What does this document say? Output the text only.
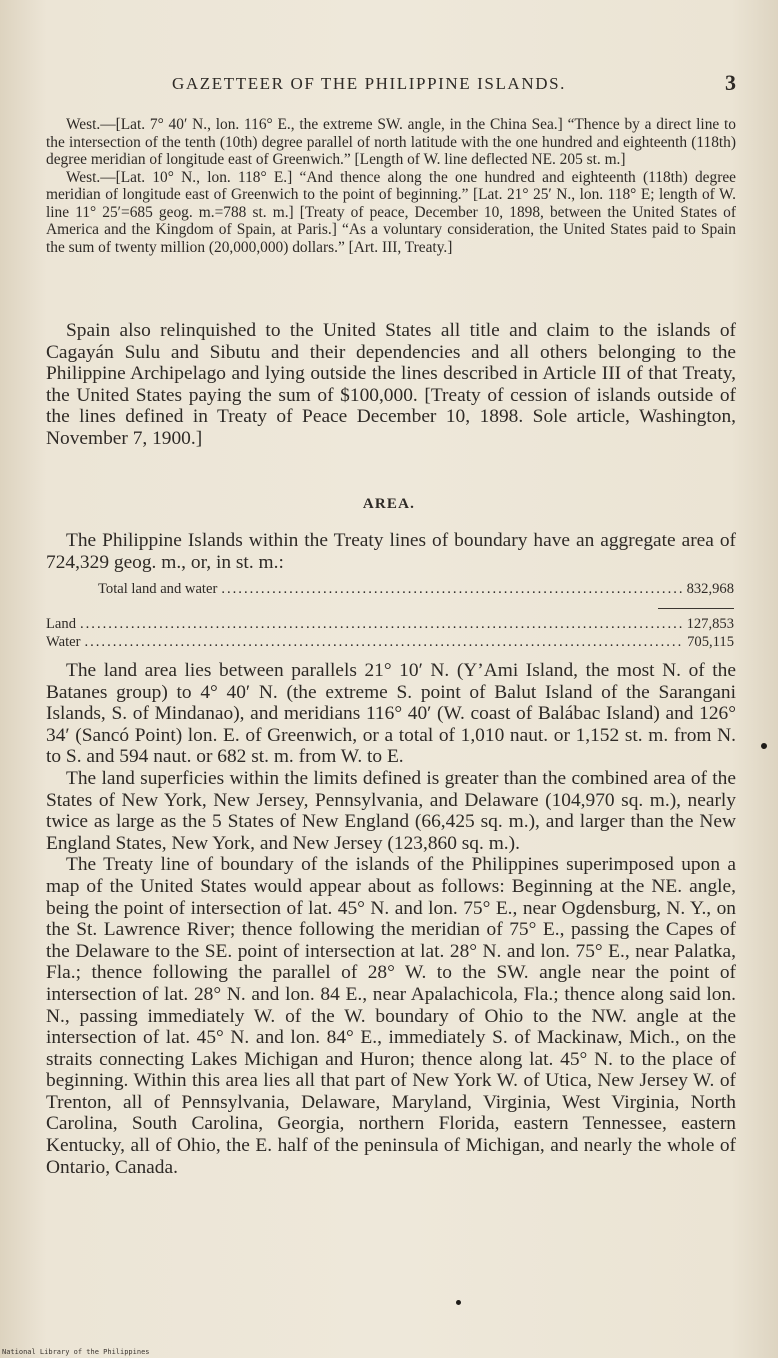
GAZETTEER OF THE PHILIPPINE ISLANDS.	3

West.—[Lat. 7° 40′ N., lon. 116° E., the extreme SW. angle, in the China Sea.] “Thence by a direct line to the intersection of the tenth (10th) degree parallel of north latitude with the one hundred and eighteenth (118th) degree meridian of longitude east of Greenwich.” [Length of W. line deflected NE. 205 st. m.]

West.—[Lat. 10° N., lon. 118° E.] “And thence along the one hundred and eighteenth (118th) degree meridian of longitude east of Greenwich to the point of beginning.” [Lat. 21° 25′ N., lon. 118° E; length of W. line 11° 25′=685 geog. m.=788 st. m.] [Treaty of peace, December 10, 1898, between the United States of America and the Kingdom of Spain, at Paris.] “As a voluntary consideration, the United States paid to Spain the sum of twenty million (20,000,000) dollars.” [Art. III, Treaty.]

Spain also relinquished to the United States all title and claim to the islands of Cagayán Sulu and Sibutu and their dependencies and all others belonging to the Philippine Archipelago and lying outside the lines described in Article III of that Treaty, the United States paying the sum of $100,000. [Treaty of cession of islands outside of the lines defined in Treaty of Peace December 10, 1898. Sole article, Washington, November 7, 1900.]

AREA.

The Philippine Islands within the Treaty lines of boundary have an aggregate area of 724,329 geog. m., or, in st. m.:

Total land and water .....	832,968
Land .....	127,853
Water .....	705,115

The land area lies between parallels 21° 10′ N. (Y’Ami Island, the most N. of the Batanes group) to 4° 40′ N. (the extreme S. point of Balut Island of the Sarangani Islands, S. of Mindanao), and meridians 116° 40′ (W. coast of Balábac Island) and 126° 34′ (Sancó Point) lon. E. of Greenwich, or a total of 1,010 naut. or 1,152 st. m. from N. to S. and 594 naut. or 682 st. m. from W. to E.

The land superficies within the limits defined is greater than the combined area of the States of New York, New Jersey, Pennsylvania, and Delaware (104,970 sq. m.), nearly twice as large as the 5 States of New England (66,425 sq. m.), and larger than the New England States, New York, and New Jersey (123,860 sq. m.).

The Treaty line of boundary of the islands of the Philippines superimposed upon a map of the United States would appear about as follows: Beginning at the NE. angle, being the point of intersection of lat. 45° N. and lon. 75° E., near Ogdensburg, N. Y., on the St. Lawrence River; thence following the meridian of 75° E., passing the Capes of the Delaware to the SE. point of intersection at lat. 28° N. and lon. 75° E., near Palatka, Fla.; thence following the parallel of 28° W. to the SW. angle near the point of intersection of lat. 28° N. and lon. 84 E., near Apalachicola, Fla.; thence along said lon. N., passing immediately W. of the W. boundary of Ohio to the NW. angle at the intersection of lat. 45° N. and lon. 84° E., immediately S. of Mackinaw, Mich., on the straits connecting Lakes Michigan and Huron; thence along lat. 45° N. to the place of beginning. Within this area lies all that part of New York W. of Utica, New Jersey W. of Trenton, all of Pennsylvania, Delaware, Maryland, Virginia, West Virginia, North Carolina, South Carolina, Georgia, northern Florida, eastern Tennessee, eastern Kentucky, all of Ohio, the E. half of the peninsula of Michigan, and nearly the whole of Ontario, Canada.

National Library of the Philippines
